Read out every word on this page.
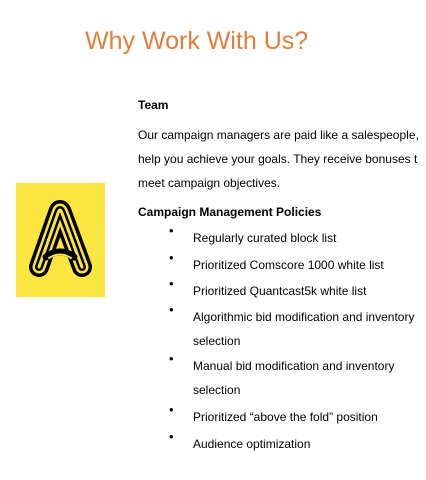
Why Work With Us?
Team
Our campaign managers are paid like a salespeople,
help you achieve your goals. They receive bonuses t
meet campaign objectives.
Campaign Management Policies
• Regularly curated block list
• Prioritized Comscore 1000 white list
• Prioritized Quantcast5k white list
• Algorithmic bid modification and inventory
selection
• Manual bid modification and inventory
selection
• Prioritized “above the fold” position
• Audience optimization
